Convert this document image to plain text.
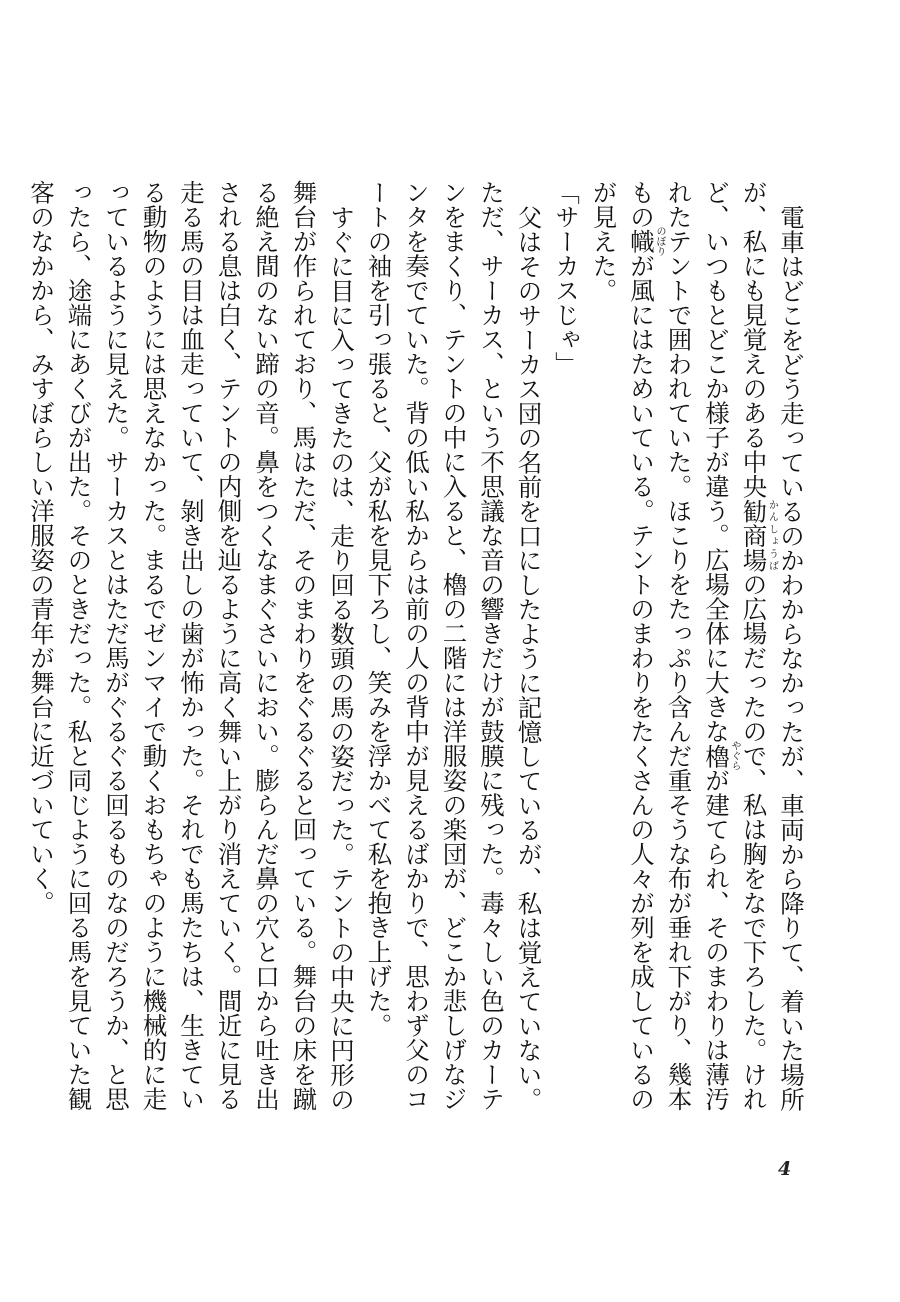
電車はどこをどう走っているのかわからなかったが、車両から降りて、着いた場所が、私にも見覚えのある中央勧商場かんしょうばの広場だったので、私は胸をなで下ろした。けれど、いつもとどこか様子が違う。広場全体に大きな櫓やぐらが建てられ、そのまわりは薄汚れたテントで囲われていた。ほこりをたっぷり含んだ重そうな布が垂れ下がり、幾本もの幟のぼりが風にはためいている。テントのまわりをたくさんの人々が列を成しているのが見えた。

「サーカスじゃ」

父はそのサーカス団の名前を口にしたように記憶しているが、私は覚えていない。ただ、サーカス、という不思議な音の響きだけが鼓膜に残った。毒々しい色のカーテンをまくり、テントの中に入ると、櫓の二階には洋服姿の楽団が、どこか悲しげなジンタを奏でていた。背の低い私からは前の人の背中が見えるばかりで、思わず父のコートの袖を引っ張ると、父が私を見下ろし、笑みを浮かべて私を抱き上げた。

すぐに目に入ってきたのは、走り回る数頭の馬の姿だった。テントの中央に円形の舞台が作られており、馬はただ、そのまわりをぐるぐると回っている。舞台の床を蹴る絶え間のない蹄の音。鼻をつくなまぐさいにおい。膨らんだ鼻の穴と口から吐き出される息は白く、テントの内側を辿るように高く舞い上がり消えていく。間近に見る走る馬の目は血走っていて、剝き出しの歯が怖かった。それでも馬たちは、生きている動物のようには思えなかった。まるでゼンマイで動くおもちゃのように機械的に走っているように見えた。サーカスとはただ馬がぐるぐる回るものなのだろうか、と思ったら、途端にあくびが出た。そのときだった。私と同じように回る馬を見ていた観客のなかから、みすぼらしい洋服姿の青年が舞台に近づいていく。

4
